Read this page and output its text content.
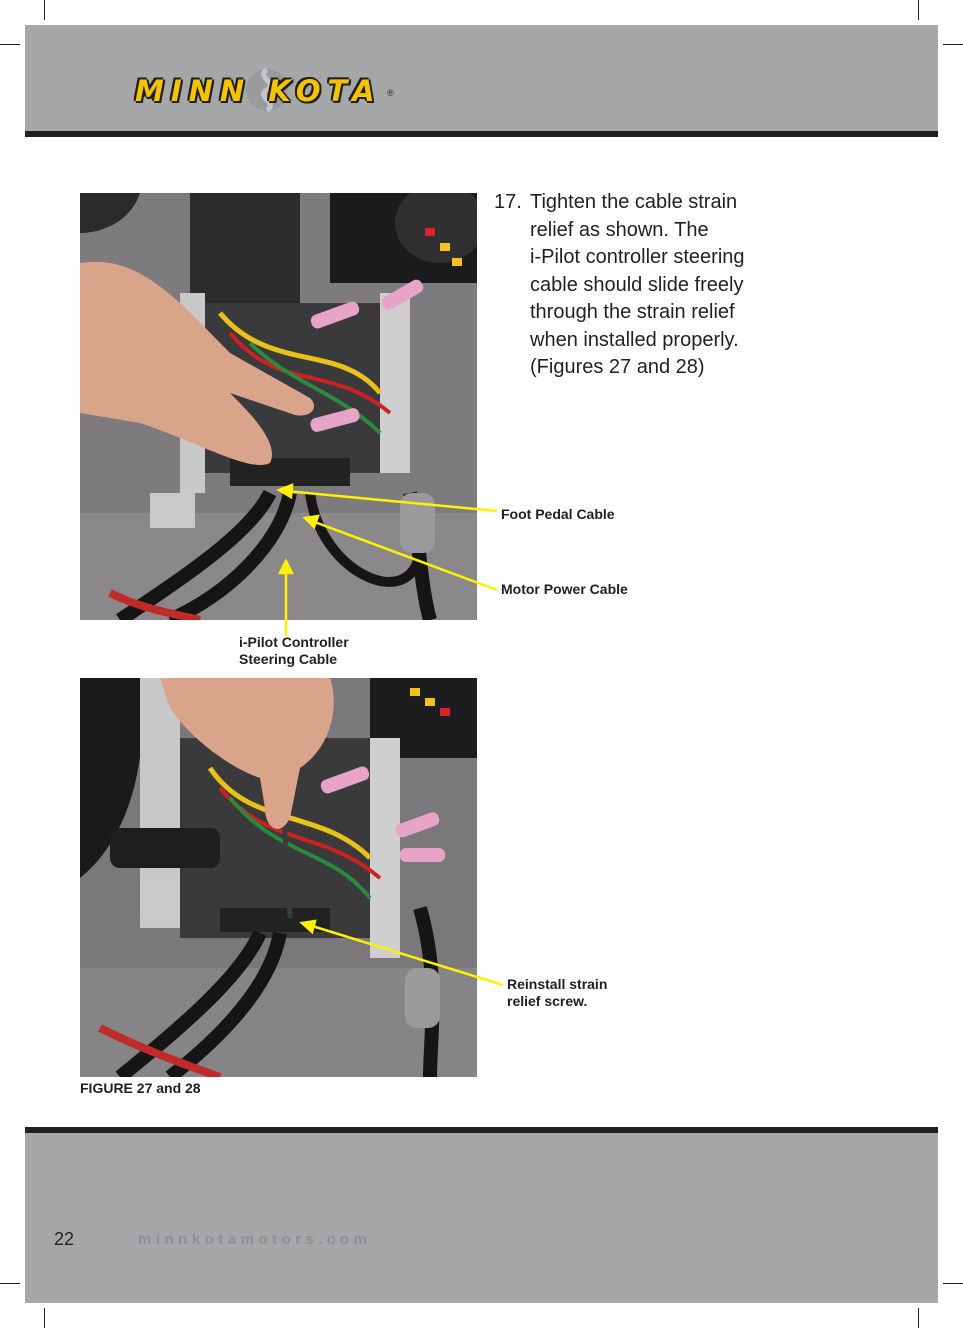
MINN KOTA ®
17. Tighten the cable strain
relief as shown. The
i-Pilot controller steering
cable should slide freely
through the strain relief
when installed properly.
(Figures 27 and 28)
Foot Pedal Cable
Motor Power Cable
i-Pilot Controller
Steering Cable
Reinstall strain
relief screw.
FIGURE 27 and 28
22	minnkotamotors.com
